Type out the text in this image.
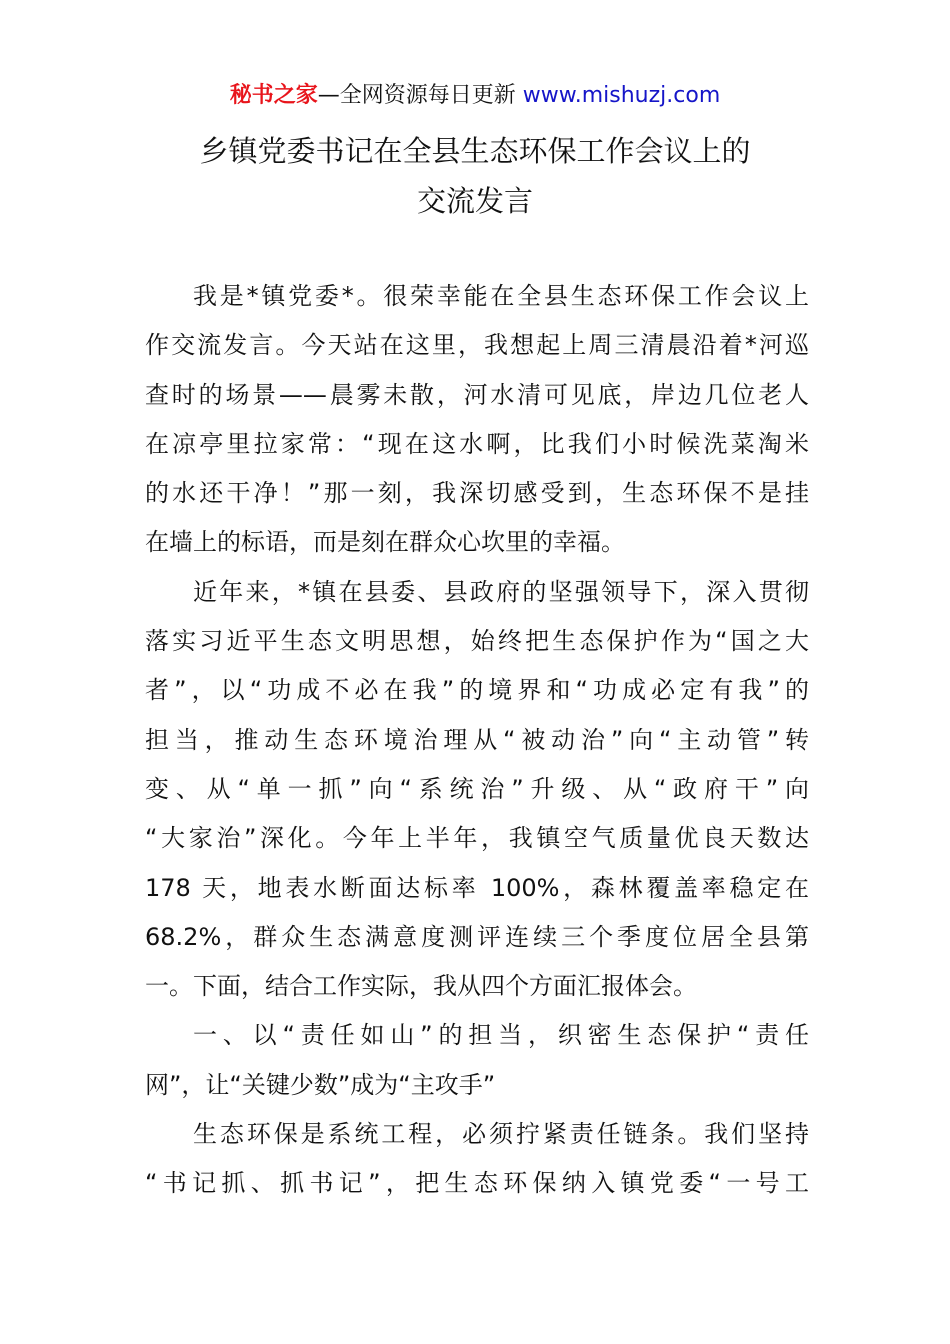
秘书之家—全网资源每日更新 www.mishuzj.com
乡镇党委书记在全县生态环保工作会议上的
交流发言
我是*镇党委*。很荣幸能在全县生态环保工作会议上
作交流发言。今天站在这里，我想起上周三清晨沿着*河巡
查时的场景——晨雾未散，河水清可见底，岸边几位老人
在凉亭里拉家常：“现在这水啊，比我们小时候洗菜淘米
的水还干净！”那一刻，我深切感受到，生态环保不是挂
在墙上的标语，而是刻在群众心坎里的幸福。
近年来，*镇在县委、县政府的坚强领导下，深入贯彻
落实习近平生态文明思想，始终把生态保护作为“国之大
者”，以“功成不必在我”的境界和“功成必定有我”的
担当，推动生态环境治理从“被动治”向“主动管”转
变、从“单一抓”向“系统治”升级、从“政府干”向
“大家治”深化。今年上半年，我镇空气质量优良天数达
178 天，地表水断面达标率 100%，森林覆盖率稳定在
68.2%，群众生态满意度测评连续三个季度位居全县第
一。下面，结合工作实际，我从四个方面汇报体会。
一、以“责任如山”的担当，织密生态保护“责任
网”，让“关键少数”成为“主攻手”
生态环保是系统工程，必须拧紧责任链条。我们坚持
“书记抓、抓书记”，把生态环保纳入镇党委“一号工
